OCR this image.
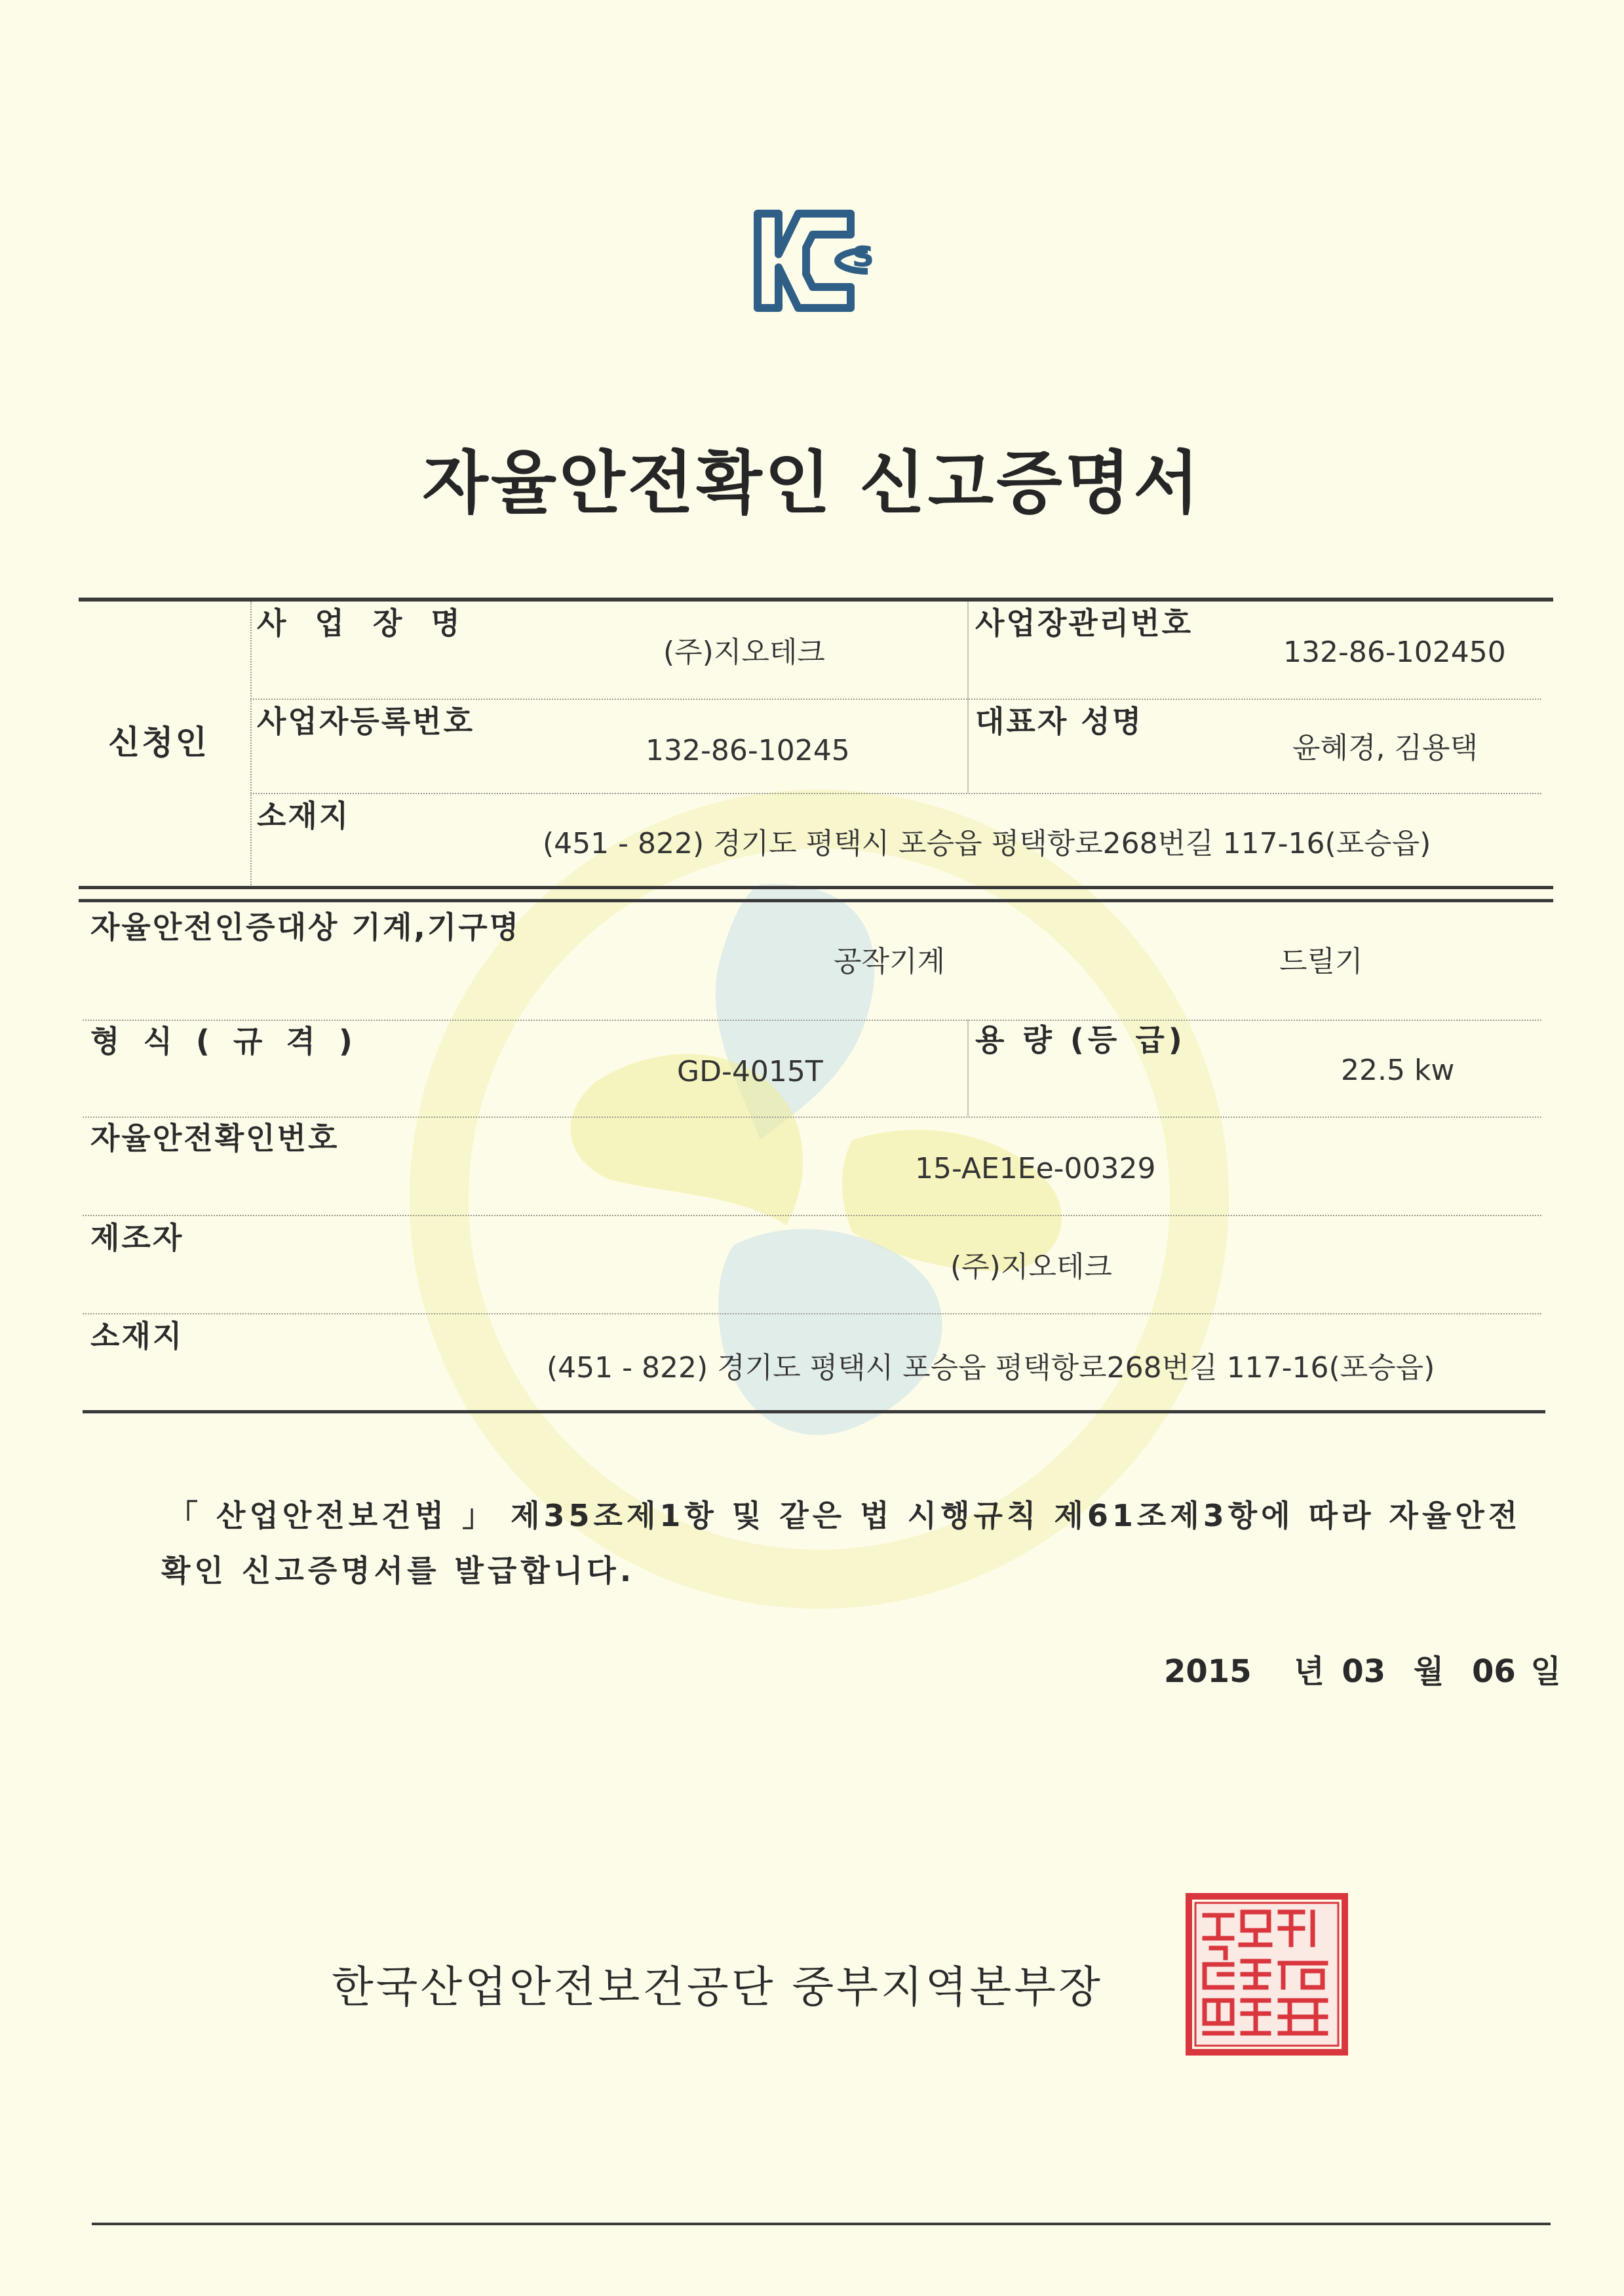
s
자율안전확인 신고증명서
신청인
사 업 장 명
(주)지오테크
사업장관리번호
132-86-102450
사업자등록번호
132-86-10245
대표자 성명
윤혜경, 김용택
소재지
(451 - 822) 경기도 평택시 포승읍 평택항로268번길 117-16(포승읍)
자율안전인증대상 기계,기구명
공작기계	드릴기
형 식 ( 규 격 )
GD-4015T
용 량 (등 급)
22.5 kw
자율안전확인번호
15-AE1Ee-00329
제조자
(주)지오테크
소재지
(451 - 822) 경기도 평택시 포승읍 평택항로268번길 117-16(포승읍)
「 산업안전보건법 」 제35조제1항 및 같은 법 시행규칙 제61조제3항에 따라 자율안전
확인 신고증명서를 발급합니다.
2015 년 03 월 06 일
한국산업안전보건공단 중부지역본부장
